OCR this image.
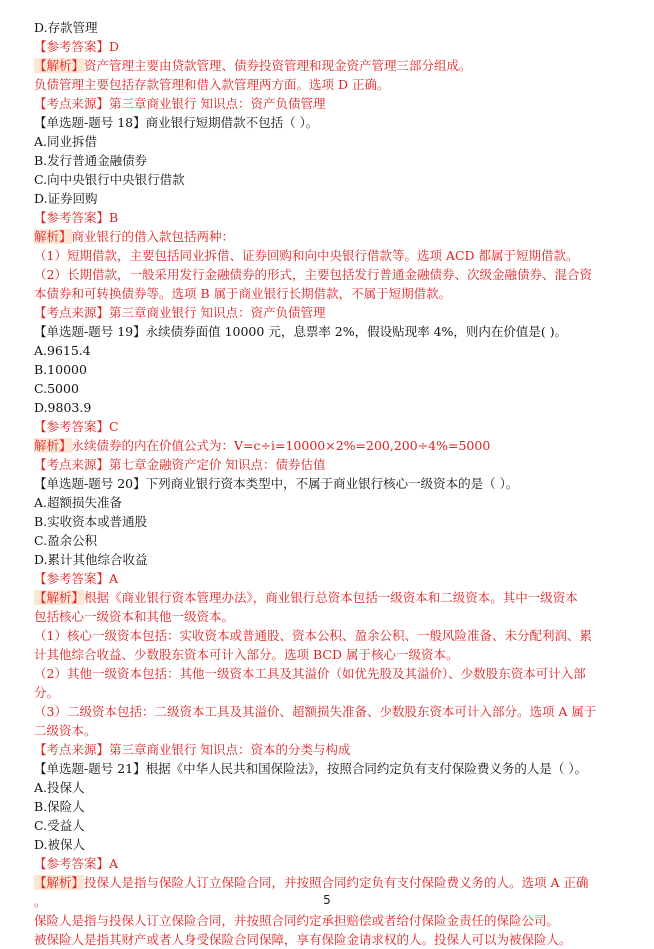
D.存款管理
【参考答案】D
【解析】资产管理主要由贷款管理、债券投资管理和现金资产管理三部分组成。
负债管理主要包括存款管理和借入款管理两方面。选项 D 正确。
【考点来源】第三章商业银行 知识点：资产负债管理
【单选题-题号 18】商业银行短期借款不包括（ ）。
A.同业拆借
B.发行普通金融债券
C.向中央银行中央银行借款
D.证券回购
【参考答案】B
解析】商业银行的借入款包括两种：
（1）短期借款，主要包括同业拆借、证券回购和向中央银行借款等。选项 ACD 都属于短期借款。
（2）长期借款，一般采用发行金融债券的形式，主要包括发行普通金融债券、次级金融债券、混合资
本债券和可转换债券等。选项 B 属于商业银行长期借款，不属于短期借款。
【考点来源】第三章商业银行 知识点：资产负债管理
【单选题-题号 19】永续债券面值 10000 元，息票率 2%，假设贴现率 4%，则内在价值是( )。
A.9615.4
B.10000
C.5000
D.9803.9
【参考答案】C
解析】永续债券的内在价值公式为：V=c÷i=10000×2%=200,200÷4%=5000
【考点来源】第七章金融资产定价 知识点：债券估值
【单选题-题号 20】下列商业银行资本类型中，不属于商业银行核心一级资本的是（ ）。
A.超额损失准备
B.实收资本或普通股
C.盈余公积
D.累计其他综合收益
【参考答案】A
【解析】根据《商业银行资本管理办法》，商业银行总资本包括一级资本和二级资本。其中一级资本
包括核心一级资本和其他一级资本。
（1）核心一级资本包括：实收资本或普通股、资本公积、盈余公积、一般风险准备、未分配利润、累
计其他综合收益、少数股东资本可计入部分。选项 BCD 属于核心一级资本。
（2）其他一级资本包括：其他一级资本工具及其溢价（如优先股及其溢价）、少数股东资本可计入部
分。
（3）二级资本包括：二级资本工具及其溢价、超额损失准备、少数股东资本可计入部分。选项 A 属于
二级资本。
【考点来源】第三章商业银行 知识点：资本的分类与构成
【单选题-题号 21】根据《中华人民共和国保险法》，按照合同约定负有支付保险费义务的人是（ ）。
A.投保人
B.保险人
C.受益人
D.被保人
【参考答案】A
【解析】投保人是指与保险人订立保险合同，并按照合同约定负有支付保险费义务的人。选项 A 正确
。
保险人是指与投保人订立保险合同，并按照合同约定承担赔偿或者给付保险金责任的保险公司。
被保险人是指其财产或者人身受保险合同保障，享有保险金请求权的人。投保人可以为被保险人。
5
